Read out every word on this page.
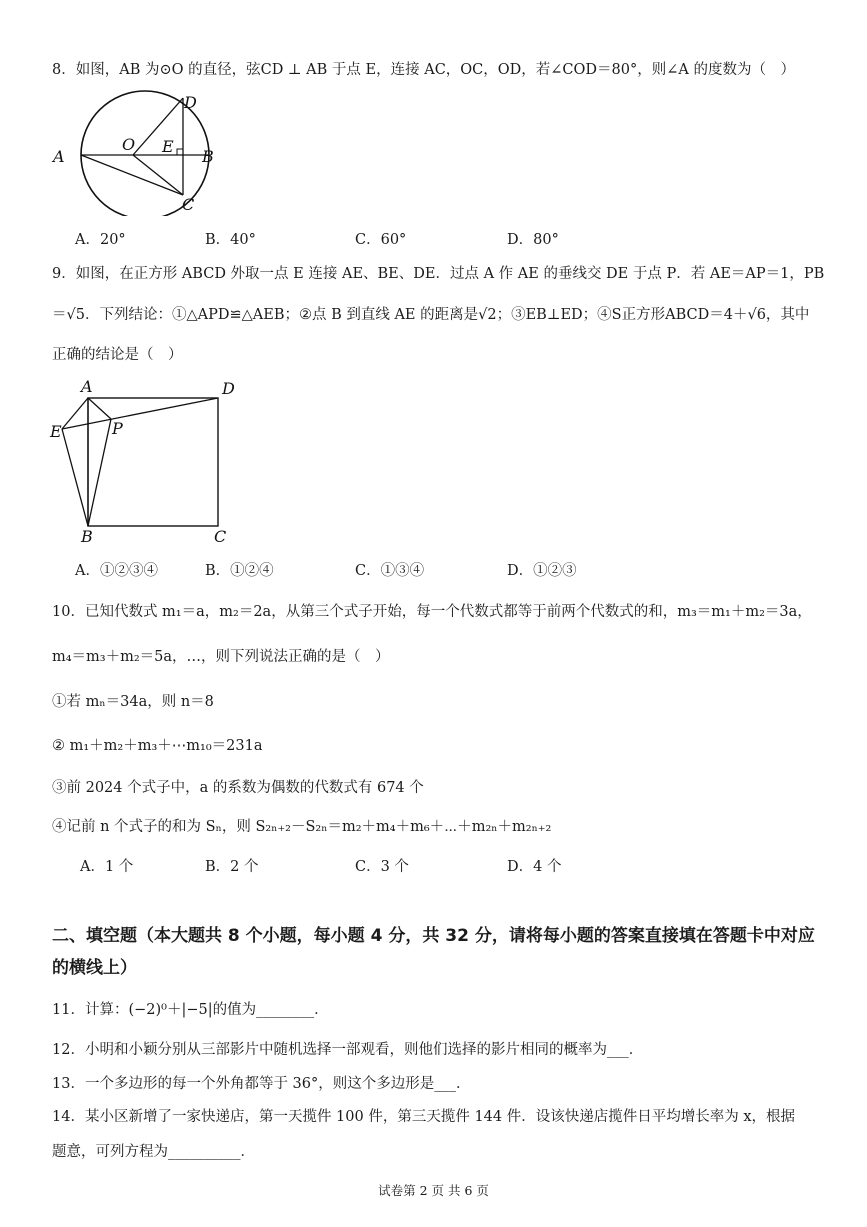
8．如图，AB 为⊙O 的直径，弦CD ⊥ AB 于点 E，连接 AC，OC，OD，若∠COD＝80°，则∠A 的度数为（　）
A	B
C
D
O E
A．20°	B．40°	C．60°	D．80°
9．如图，在正方形 ABCD 外取一点 E 连接 AE、BE、DE．过点 A 作 AE 的垂线交 DE 于点 P．若 AE＝AP＝1，PB
＝√5．下列结论：①△APD≌△AEB；②点 B 到直线 AE 的距离是√2；③EB⊥ED；④S正方形ABCD＝4＋√6，其中
正确的结论是（　）
A	D
E	P
B	C
A．①②③④	B．①②④	C．①③④	D．①②③
10．已知代数式 m₁＝a，m₂＝2a，从第三个式子开始，每一个代数式都等于前两个代数式的和，m₃＝m₁＋m₂＝3a，
m₄＝m₃＋m₂＝5a，…，则下列说法正确的是（　）
①若 mₙ＝34a，则 n＝8
② m₁＋m₂＋m₃＋⋯m₁₀＝231a
③前 2024 个式子中，a 的系数为偶数的代数式有 674 个
④记前 n 个式子的和为 Sₙ，则 S₂ₙ₊₂－S₂ₙ＝m₂＋m₄＋m₆＋⋯＋m₂ₙ＋m₂ₙ₊₂
A．1 个	B．2 个	C．3 个	D．4 个
二、填空题（本大题共 8 个小题，每小题 4 分，共 32 分，请将每小题的答案直接填在答题卡中对应
的横线上）
11．计算：(−2)⁰＋|−5|的值为________．
12．小明和小颖分别从三部影片中随机选择一部观看，则他们选择的影片相同的概率为___．
13．一个多边形的每一个外角都等于 36°，则这个多边形是___．
14．某小区新增了一家快递店，第一天揽件 100 件，第三天揽件 144 件．设该快递店揽件日平均增长率为 x，根据
题意，可列方程为__________．
试卷第 2 页 共 6 页
